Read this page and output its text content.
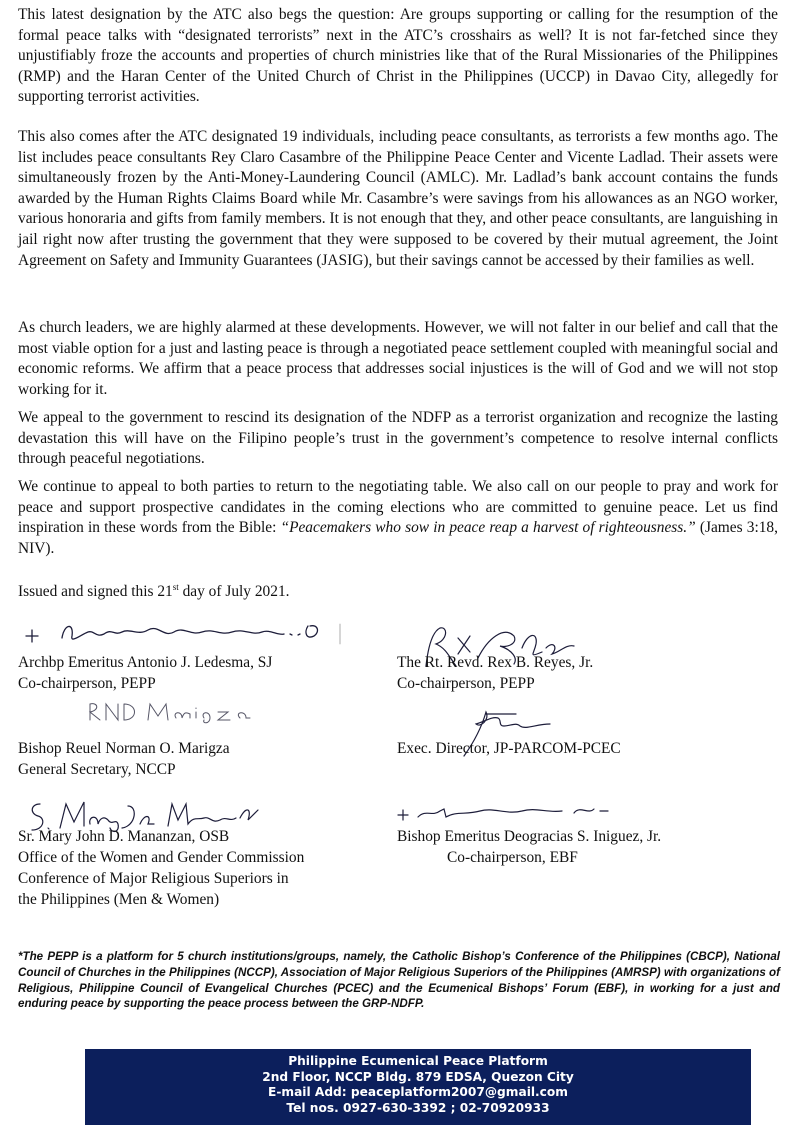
This latest designation by the ATC also begs the question: Are groups supporting or calling for the resumption of the formal peace talks with “designated terrorists” next in the ATC’s crosshairs as well? It is not far-fetched since they unjustifiably froze the accounts and properties of church ministries like that of the Rural Missionaries of the Philippines (RMP) and the Haran Center of the United Church of Christ in the Philippines (UCCP) in Davao City, allegedly for supporting terrorist activities.

This also comes after the ATC designated 19 individuals, including peace consultants, as terrorists a few months ago. The list includes peace consultants Rey Claro Casambre of the Philippine Peace Center and Vicente Ladlad. Their assets were simultaneously frozen by the Anti-Money-Laundering Council (AMLC). Mr. Ladlad’s bank account contains the funds awarded by the Human Rights Claims Board while Mr. Casambre’s were savings from his allowances as an NGO worker, various honoraria and gifts from family members. It is not enough that they, and other peace consultants, are languishing in jail right now after trusting the government that they were supposed to be covered by their mutual agreement, the Joint Agreement on Safety and Immunity Guarantees (JASIG), but their savings cannot be accessed by their families as well.

As church leaders, we are highly alarmed at these developments. However, we will not falter in our belief and call that the most viable option for a just and lasting peace is through a negotiated peace settlement coupled with meaningful social and economic reforms. We affirm that a peace process that addresses social injustices is the will of God and we will not stop working for it.

We appeal to the government to rescind its designation of the NDFP as a terrorist organization and recognize the lasting devastation this will have on the Filipino people’s trust in the government’s competence to resolve internal conflicts through peaceful negotiations.

We continue to appeal to both parties to return to the negotiating table. We also call on our people to pray and work for peace and support prospective candidates in the coming elections who are committed to genuine peace. Let us find inspiration in these words from the Bible: “Peacemakers who sow in peace reap a harvest of righteousness.” (James 3:18, NIV).

Issued and signed this 21st day of July 2021.

Archbp Emeritus Antonio J. Ledesma, SJ
Co-chairperson, PEPP
The Rt. Revd. Rex B. Reyes, Jr.
Co-chairperson, PEPP
Bishop Reuel Norman O. Marigza
General Secretary, NCCP
Exec. Director, JP-PARCOM-PCEC
Sr. Mary John D. Mananzan, OSB
Office of the Women and Gender Commission
Conference of Major Religious Superiors in
the Philippines (Men & Women)
Bishop Emeritus Deogracias S. Iniguez, Jr.
Co-chairperson, EBF

*The PEPP is a platform for 5 church institutions/groups, namely, the Catholic Bishop’s Conference of the Philippines (CBCP), National Council of Churches in the Philippines (NCCP), Association of Major Religious Superiors of the Philippines (AMRSP) with organizations of Religious, Philippine Council of Evangelical Churches (PCEC) and the Ecumenical Bishops’ Forum (EBF), in working for a just and enduring peace by supporting the peace process between the GRP-NDFP.

Philippine Ecumenical Peace Platform
2nd Floor, NCCP Bldg. 879 EDSA, Quezon City
E-mail Add: peaceplatform2007@gmail.com
Tel nos. 0927-630-3392 ; 02-70920933
